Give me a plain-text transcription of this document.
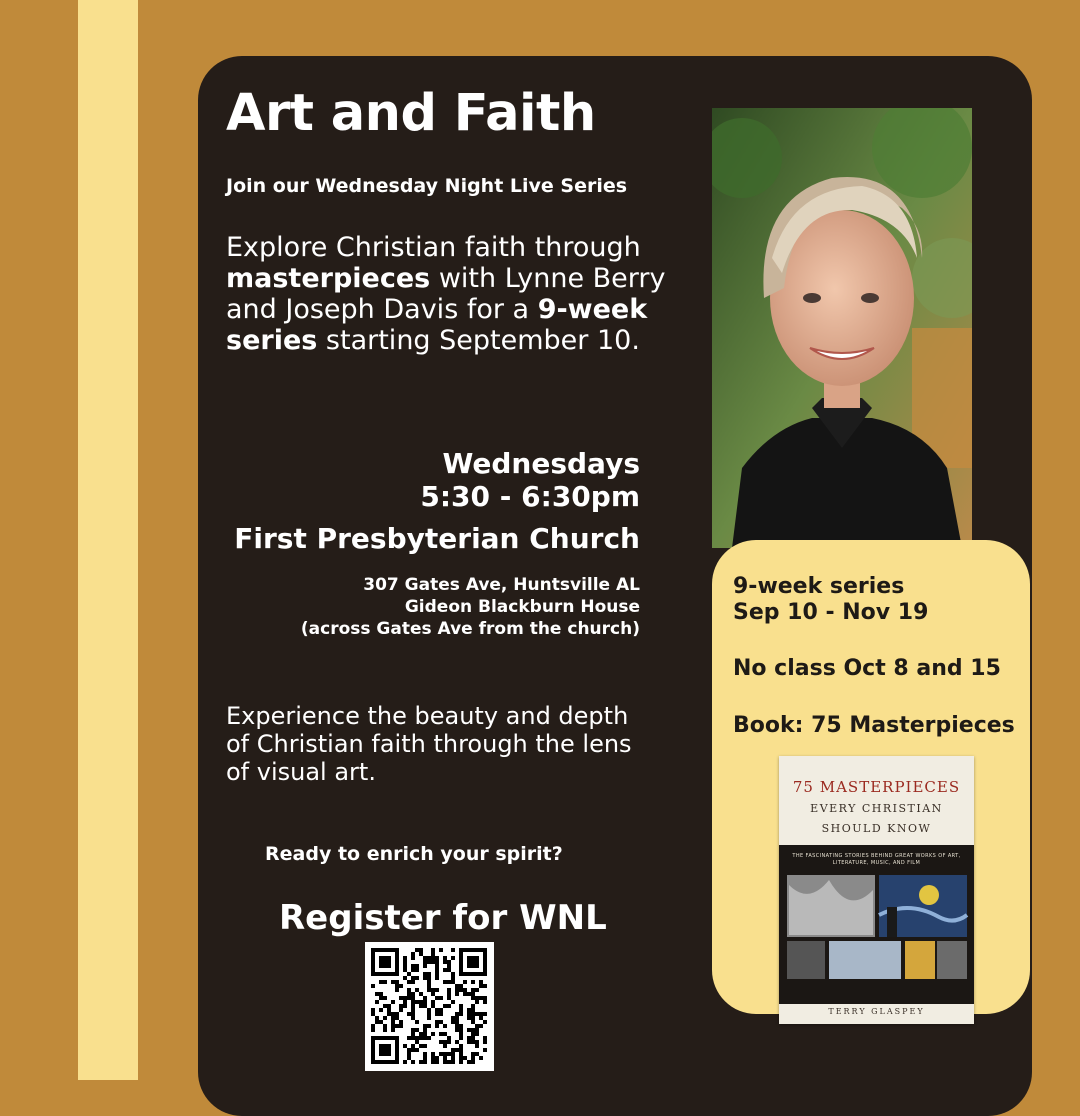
Art and Faith
Join our Wednesday Night Live Series

Explore Christian faith through masterpieces with Lynne Berry and Joseph Davis for a 9-week series starting September 10.

Wednesdays
5:30 - 6:30pm
First Presbyterian Church
307 Gates Ave, Huntsville AL
Gideon Blackburn House
(across Gates Ave from the church)

Experience the beauty and depth of Christian faith through the lens of visual art.

Ready to enrich your spirit?
Register for WNL
9-week series
Sep 10 - Nov 19
No class Oct 8 and 15
Book: 75 Masterpieces
75 MASTERPIECES
EVERY CHRISTIAN
SHOULD KNOW
THE FASCINATING STORIES BEHIND GREAT WORKS OF ART, LITERATURE, MUSIC, AND FILM
TERRY GLASPEY
